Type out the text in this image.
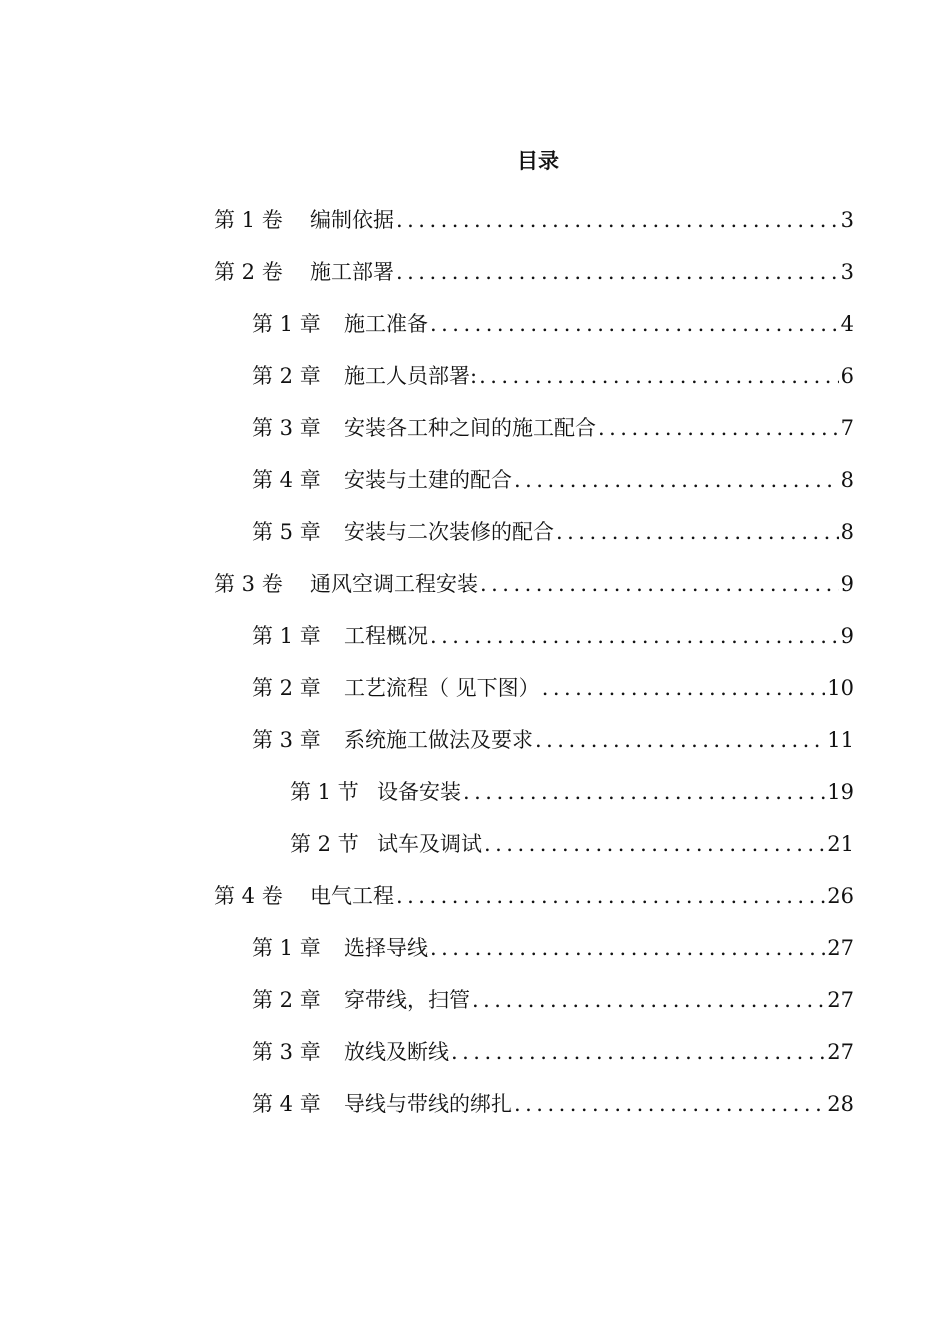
目录
第 1 卷	编制依据 . . .	3
第 2 卷	施工部署 . . .	3
第 1 章	施工准备 . . .	4
第 2 章	施工人员部署: . . .	6
第 3 章	安装各工种之间的施工配合 . . .	7
第 4 章	安装与土建的配合 . . .	8
第 5 章	安装与二次装修的配合 . . .	8
第 3 卷	通风空调工程安装 . . .	9
第 1 章	工程概况 . . .	9
第 2 章	工艺流程（ 见下图） . . .	10
第 3 章	系统施工做法及要求 . . .	11
第 1 节 设备安装 . . .	19
第 2 节 试车及调试 . . .	21
第 4 卷	电气工程 . . .	26
第 1 章	选择导线 . . .	27
第 2 章	穿带线，扫管 . . .	27
第 3 章	放线及断线 . . .	27
第 4 章	导线与带线的绑扎 . . .	28
